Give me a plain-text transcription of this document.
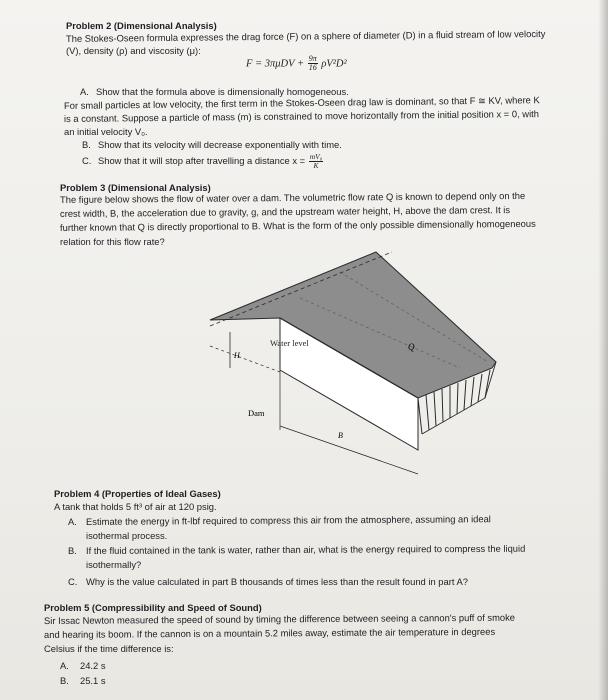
Problem 2 (Dimensional Analysis)
The Stokes-Oseen formula expresses the drag force (F) on a sphere of diameter (D) in a fluid stream of low velocity
(V), density (ρ) and viscosity (μ):
$F = 3\pi\mu DV + \frac{9\pi}{16} \rho V^2D^2$
A. Show that the formula above is dimensionally homogeneous.
For small particles at low velocity, the first term in the Stokes-Oseen drag law is dominant, so that F ≅ KV, where K
is a constant. Suppose a particle of mass (m) is constrained to move horizontally from the initial position x = 0, with
an initial velocity V₀.
B. Show that its velocity will decrease exponentially with time.
C. Show that it will stop after travelling a distance $x = \frac{\text{mV₀}}{K}$
Problem 3 (Dimensional Analysis)
The figure below shows the flow of water over a dam. The volumetric flow rate Q is known to depend only on the
crest width, B, the acceleration due to gravity, g, and the upstream water height, H, above the dam crest. It is
further known that Q is directly proportional to B. What is the form of the only possible dimensionally homogeneous
relation for this flow rate?
H
Water level	Q
Dam
B
Problem 4 (Properties of Ideal Gases)
A tank that holds 5 ft³ of air at 120 psig.
A. Estimate the energy in ft-lbf required to compress this air from the atmosphere, assuming an ideal
isothermal process.
B. If the fluid contained in the tank is water, rather than air, what is the energy required to compress the liquid
isothermally?
C. Why is the value calculated in part B thousands of times less than the result found in part A?
Problem 5 (Compressibility and Speed of Sound)
Sir Issac Newton measured the speed of sound by timing the difference between seeing a cannon's puff of smoke
and hearing its boom. If the cannon is on a mountain 5.2 miles away, estimate the air temperature in degrees
Celsius if the time difference is:
A. 24.2 s
B. 25.1 s
